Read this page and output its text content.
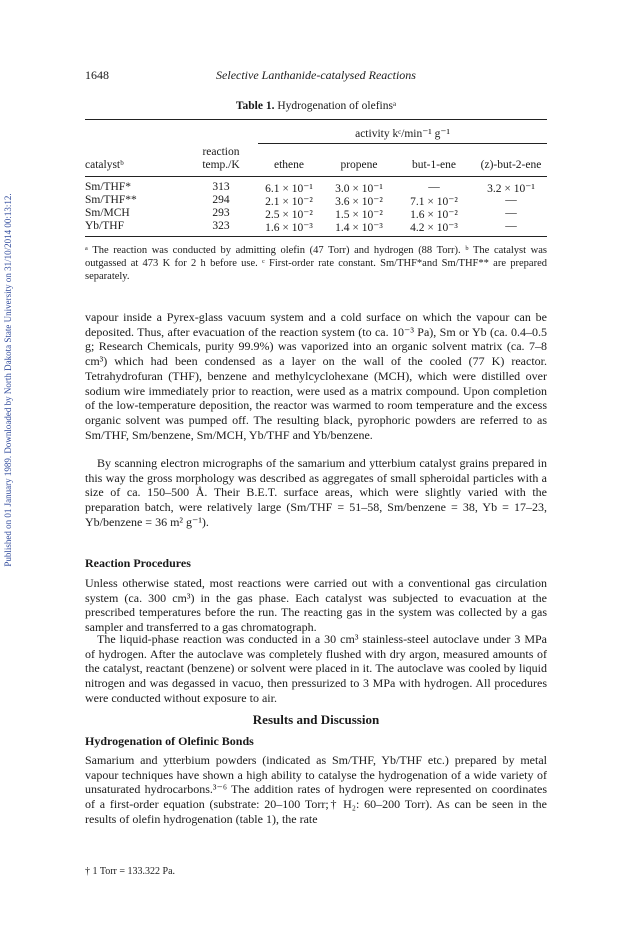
Published on 01 January 1989. Downloaded by North Dakota State University on 31/10/2014 00:13:12.
1648	Selective Lanthanide-catalysed Reactions
Table 1. Hydrogenation of olefinsᵃ
activity kᶜ/min⁻¹ g⁻¹
reaction
catalystᵇ	temp./K	ethene	propene	but-1-ene	(z)-but-2-ene
Sm/THF*	313	6.1 × 10⁻¹	3.0 × 10⁻¹	—	3.2 × 10⁻¹
Sm/THF**	294	2.1 × 10⁻²	3.6 × 10⁻²	7.1 × 10⁻²	—
Sm/MCH	293	2.5 × 10⁻²	1.5 × 10⁻²	1.6 × 10⁻²	—
Yb/THF	323	1.6 × 10⁻³	1.4 × 10⁻³	4.2 × 10⁻³	—
ᵃ The reaction was conducted by admitting olefin (47 Torr) and hydrogen (88 Torr). ᵇ The catalyst was outgassed at 473 K for 2 h before use. ᶜ First-order rate constant. Sm/THF*and Sm/THF** are prepared separately.

vapour inside a Pyrex-glass vacuum system and a cold surface on which the vapour can be deposited. Thus, after evacuation of the reaction system (to ca. 10⁻³ Pa), Sm or Yb (ca. 0.4–0.5 g; Research Chemicals, purity 99.9%) was vaporized into an organic solvent matrix (ca. 7–8 cm³) which had been condensed as a layer on the wall of the cooled (77 K) reactor. Tetrahydrofuran (THF), benzene and methylcyclohexane (MCH), which were distilled over sodium wire immediately prior to reaction, were used as a matrix compound. Upon completion of the low-temperature deposition, the reactor was warmed to room temperature and the excess organic solvent was pumped off. The resulting black, pyrophoric powders are referred to as Sm/THF, Sm/benzene, Sm/MCH, Yb/THF and Yb/benzene.

By scanning electron micrographs of the samarium and ytterbium catalyst grains prepared in this way the gross morphology was described as aggregates of small spheroidal particles with a size of ca. 150–500 Å. Their B.E.T. surface areas, which were slightly varied with the preparation batch, were relatively large (Sm/THF = 51–58, Sm/benzene = 38, Yb = 17–23, Yb/benzene = 36 m² g⁻¹).

Reaction Procedures

Unless otherwise stated, most reactions were carried out with a conventional gas circulation system (ca. 300 cm³) in the gas phase. Each catalyst was subjected to evacuation at the prescribed temperatures before the run. The reacting gas in the system was collected by a gas sampler and transferred to a gas chromatograph.

The liquid-phase reaction was conducted in a 30 cm³ stainless-steel autoclave under 3 MPa of hydrogen. After the autoclave was completely flushed with dry argon, measured amounts of the catalyst, reactant (benzene) or solvent were placed in it. The autoclave was cooled by liquid nitrogen and was degassed in vacuo, then pressurized to 3 MPa with hydrogen. All procedures were conducted without exposure to air.

Results and Discussion
Hydrogenation of Olefinic Bonds

Samarium and ytterbium powders (indicated as Sm/THF, Yb/THF etc.) prepared by metal vapour techniques have shown a high ability to catalyse the hydrogenation of a wide variety of unsaturated hydrocarbons.³⁻⁶ The addition rates of hydrogen were represented on coordinates of a first-order equation (substrate: 20–100 Torr;† H₂: 60–200 Torr). As can be seen in the results of olefin hydrogenation (table 1), the rate

† 1 Torr = 133.322 Pa.
